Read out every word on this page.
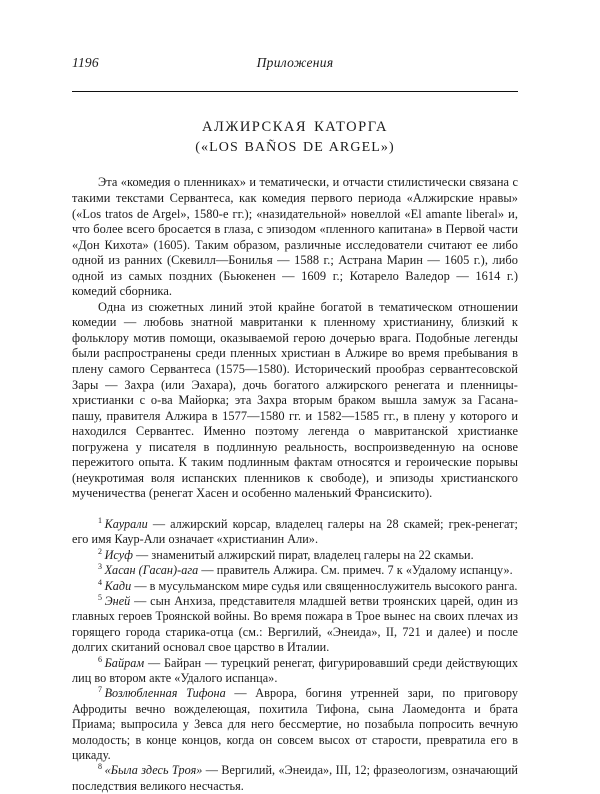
1196	Приложения
АЛЖИРСКАЯ КАТОРГА
(«LOS BAÑOS DE ARGEL»)

Эта «комедия о пленниках» и тематически, и отчасти стилистически связана с такими текстами Сервантеса, как комедия первого периода «Алжирские нравы» («Los tratos de Argel», 1580-е гг.); «назидательной» новеллой «El amante liberal» и, что более всего бросается в глаза, с эпизодом «пленного капитана» в Первой части «Дон Кихота» (1605). Таким образом, различные исследователи считают ее либо одной из ранних (Скевилл—Бонилья — 1588 г.; Астрана Марин — 1605 г.), либо одной из самых поздних (Бьюкенен — 1609 г.; Котарело Валедор — 1614 г.) комедий сборника.

Одна из сюжетных линий этой крайне богатой в тематическом отношении комедии — любовь знатной мавританки к пленному христианину, близкий к фольклору мотив помощи, оказываемой герою дочерью врага. Подобные легенды были распространены среди пленных христиан в Алжире во время пребывания в плену самого Сервантеса (1575—1580). Исторический прообраз сервантесовской Зары — Захра (или Эахара), дочь богатого алжирского ренегата и пленницы-христианки с о-ва Майорка; эта Захра вторым браком вышла замуж за Гасана-пашу, правителя Алжира в 1577—1580 гг. и 1582—1585 гг., в плену у которого и находился Сервантес. Именно поэтому легенда о мавританской христианке погружена у писателя в подлинную реальность, воспроизведенную на основе пережитого опыта. К таким подлинным фактам относятся и героические порывы (неукротимая воля испанских пленников к свободе), и эпизоды христианского мученичества (ренегат Хасен и особенно маленький Франсискито).

$^1$ Каурали — алжирский корсар, владелец галеры на 28 скамей; грек-ренегат; его имя Каур-Али означает «христианин Али».

$^2$ Исуф — знаменитый алжирский пират, владелец галеры на 22 скамьи.

$^3$ Хасан (Гасан)-ага — правитель Алжира. См. примеч. 7 к «Удалому испанцу».

$^4$ Кади — в мусульманском мире судья или священнослужитель высокого ранга.

$^5$ Эней — сын Анхиза, представителя младшей ветви троянских царей, один из главных героев Троянской войны. Во время пожара в Трое вынес на своих плечах из горящего города старика-отца (см.: Вергилий, «Энеида», II, 721 и далее) и после долгих скитаний основал свое царство в Италии.

$^6$ Байрам — Байран — турецкий ренегат, фигурировавший среди действующих лиц во втором акте «Удалого испанца».

$^7$ Возлюбленная Тифона — Аврора, богиня утренней зари, по приговору Афродиты вечно вожделеющая, похитила Тифона, сына Лаомедонта и брата Приама; выпросила у Зевса для него бессмертие, но позабыла попросить вечную молодость; в конце концов, когда он совсем высох от старости, превратила его в цикаду.

$^8$ «Была здесь Троя» — Вергилий, «Энеида», III, 12; фразеологизм, означающий последствия великого несчастья.
